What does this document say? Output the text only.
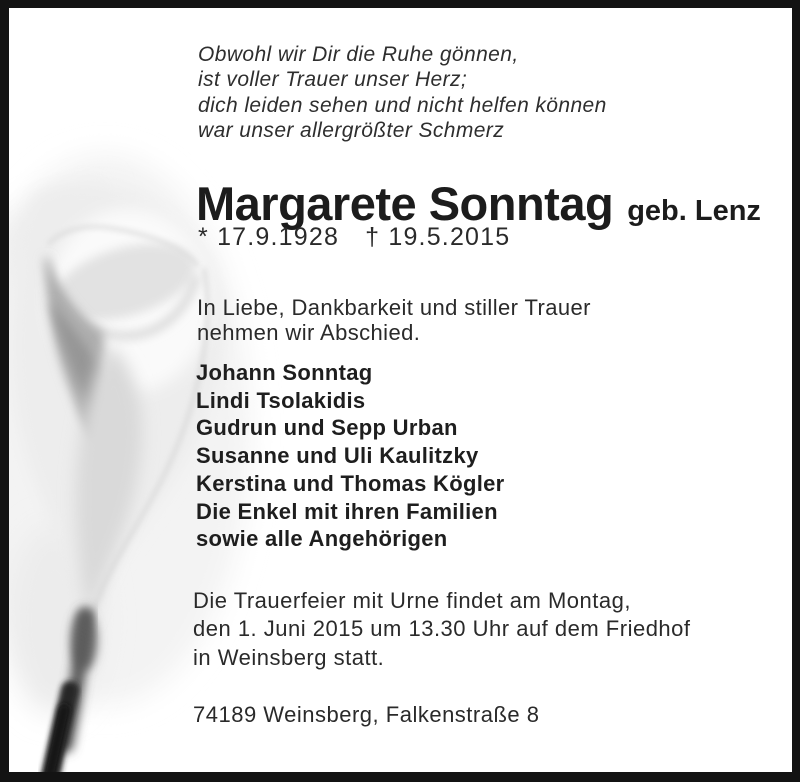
Obwohl wir Dir die Ruhe gönnen,
ist voller Trauer unser Herz;
dich leiden sehen und nicht helfen können
war unser allergrößter Schmerz
Margarete Sonntag geb. Lenz
* 17.9.1928 † 19.5.2015
In Liebe, Dankbarkeit und stiller Trauer
nehmen wir Abschied.
Johann Sonntag
Lindi Tsolakidis
Gudrun und Sepp Urban
Susanne und Uli Kaulitzky
Kerstina und Thomas Kögler
Die Enkel mit ihren Familien
sowie alle Angehörigen
Die Trauerfeier mit Urne findet am Montag,
den 1. Juni 2015 um 13.30 Uhr auf dem Friedhof
in Weinsberg statt.
74189 Weinsberg, Falkenstraße 8
